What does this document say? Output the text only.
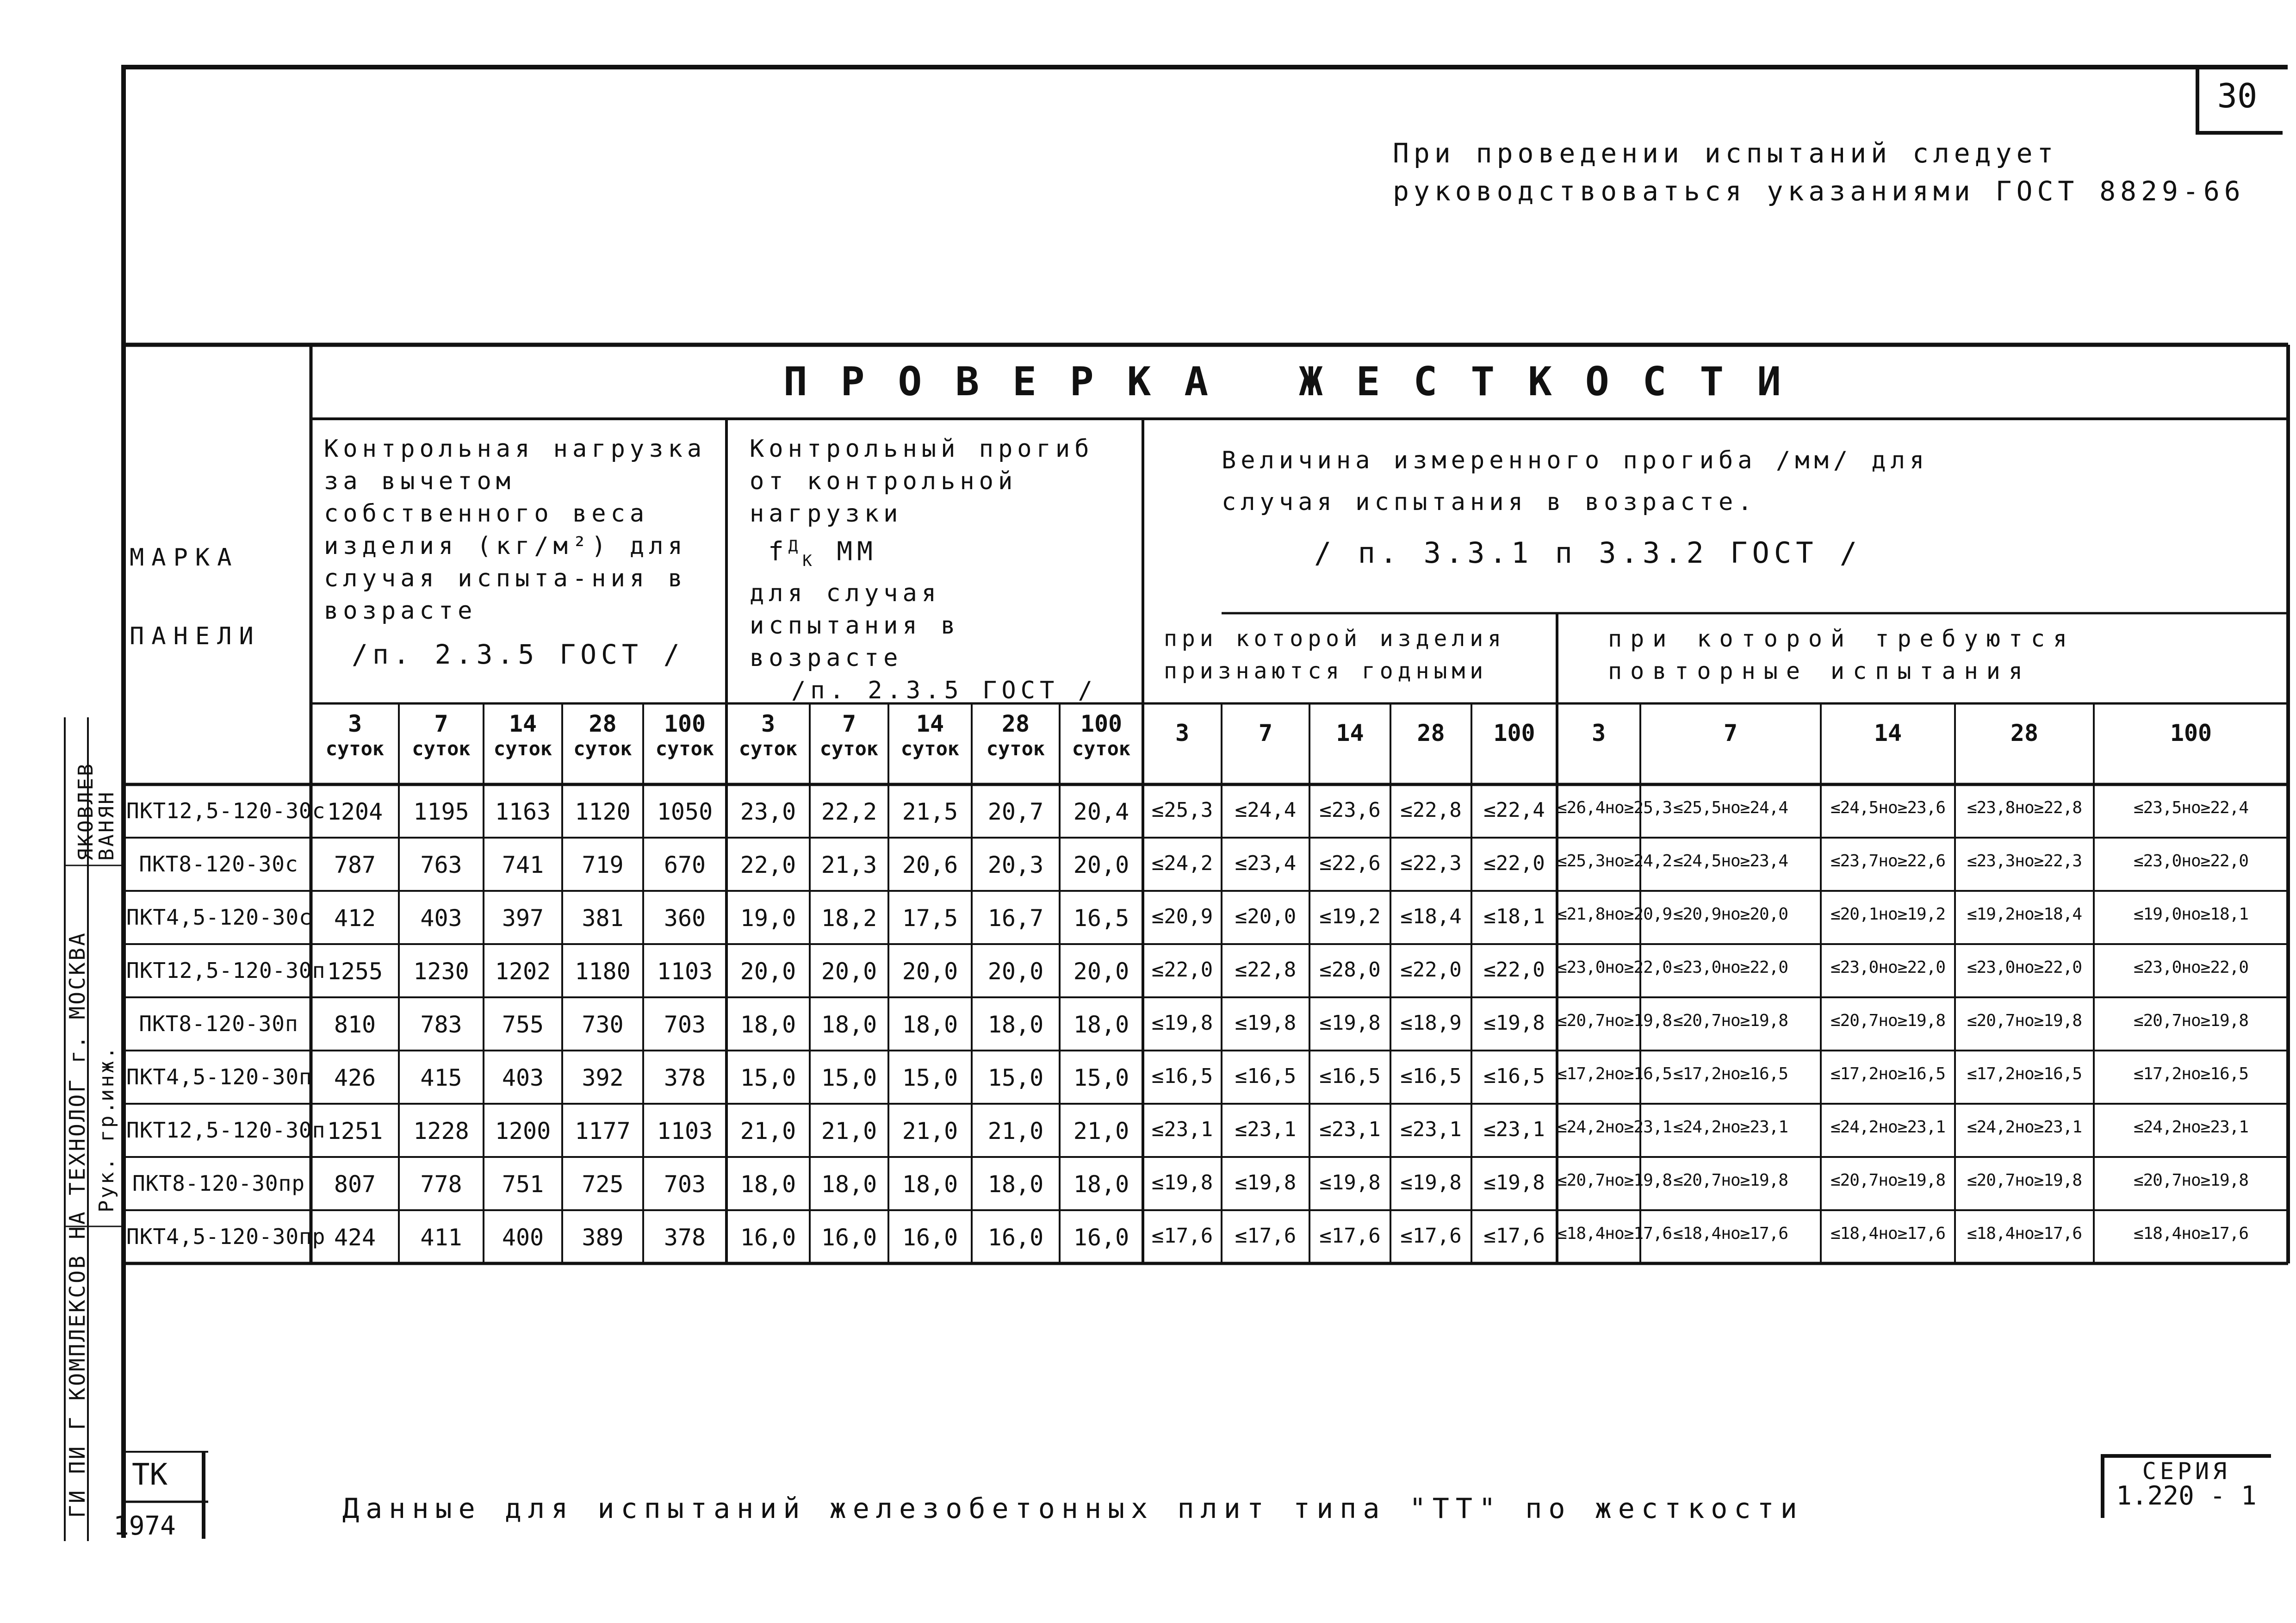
30
При проведении испытаний следует
руководствоваться указаниями ГОСТ 8829-66
ПРОВЕРКА ЖЕСТКОСТИ
МАРКА
ПАНЕЛИ
Контрольная нагрузка за вычетом собственного веса изделия (кг/м²) для случая испыта-ния в возрасте
/п. 2.3.5 ГОСТ /
Контрольный прогиб от контрольной нагрузки
$f^Д_К$ ММ
для случая испытания в возрасте
/п. 2.3.5 ГОСТ /
Величина измеренного прогиба /мм/ для
случая испытания в возрасте.
/ п. 3.3.1 п 3.3.2 ГОСТ /
при которой изделия
признаются годными
при которой требуются
повторные испытания
3
суток
7
суток
14
суток
28
суток
100
суток
3
суток
7
суток
14
суток
28
суток
100
суток
3	7	14	28	100	3	7	14	28	100
ПКТ12,5-120-30с 1204	1195	1163	1120	1050	23,0	22,2	21,5	20,7	20,4	≤25,3	≤24,4	≤23,6 ≤22,8	≤22,4 ≤26,4но≥25,3 ≤25,5но≥24,4	≤24,5но≥23,6	≤23,8но≥22,8	≤23,5но≥22,4
ПКТ8-120-30с	787	763	741	719	670	22,0	21,3	20,6	20,3	20,0	≤24,2	≤23,4	≤22,6 ≤22,3	≤22,0 ≤25,3но≥24,2 ≤24,5но≥23,4	≤23,7но≥22,6	≤23,3но≥22,3	≤23,0но≥22,0
ПКТ4,5-120-30с 412	403	397	381	360	19,0	18,2	17,5	16,7	16,5	≤20,9	≤20,0	≤19,2 ≤18,4	≤18,1 ≤21,8но≥20,9 ≤20,9но≥20,0	≤20,1но≥19,2	≤19,2но≥18,4	≤19,0но≥18,1
ПКТ12,5-120-30п 1255	1230	1202	1180	1103	20,0	20,0	20,0	20,0	20,0	≤22,0	≤22,8	≤28,0 ≤22,0	≤22,0 ≤23,0но≥22,0 ≤23,0но≥22,0	≤23,0но≥22,0	≤23,0но≥22,0	≤23,0но≥22,0
ПКТ8-120-30п	810	783	755	730	703	18,0	18,0	18,0	18,0	18,0	≤19,8	≤19,8	≤19,8 ≤18,9	≤19,8 ≤20,7но≥19,8 ≤20,7но≥19,8	≤20,7но≥19,8	≤20,7но≥19,8	≤20,7но≥19,8
ПКТ4,5-120-30п 426	415	403	392	378	15,0	15,0	15,0	15,0	15,0	≤16,5	≤16,5	≤16,5 ≤16,5	≤16,5 ≤17,2но≥16,5 ≤17,2но≥16,5	≤17,2но≥16,5	≤17,2но≥16,5	≤17,2но≥16,5
ПКТ12,5-120-30п 1251	1228	1200	1177	1103	21,0	21,0	21,0	21,0	21,0	≤23,1	≤23,1	≤23,1 ≤23,1	≤23,1 ≤24,2но≥23,1 ≤24,2но≥23,1	≤24,2но≥23,1	≤24,2но≥23,1	≤24,2но≥23,1
ПКТ8-120-30пр	807	778	751	725	703	18,0	18,0	18,0	18,0	18,0	≤19,8	≤19,8	≤19,8 ≤19,8	≤19,8 ≤20,7но≥19,8 ≤20,7но≥19,8	≤20,7но≥19,8	≤20,7но≥19,8	≤20,7но≥19,8
ПКТ4,5-120-30пр 424	411	400	389	378	16,0	16,0	16,0	16,0	16,0	≤17,6	≤17,6	≤17,6 ≤17,6	≤17,6 ≤18,4но≥17,6 ≤18,4но≥17,6	≤18,4но≥17,6	≤18,4но≥17,6	≤18,4но≥17,6
ГИ ПИ Г КОМПЛЕКСОВ НА ТЕХНОЛОГ г. МОСКВА Рук. гр.
инж.
ЯКОВЛЕВ
ВАНЯН
ТК
1974
Данные для испытаний железобетонных плит типа "ТТ" по жесткости
СЕРИЯ
1.220 - 1
